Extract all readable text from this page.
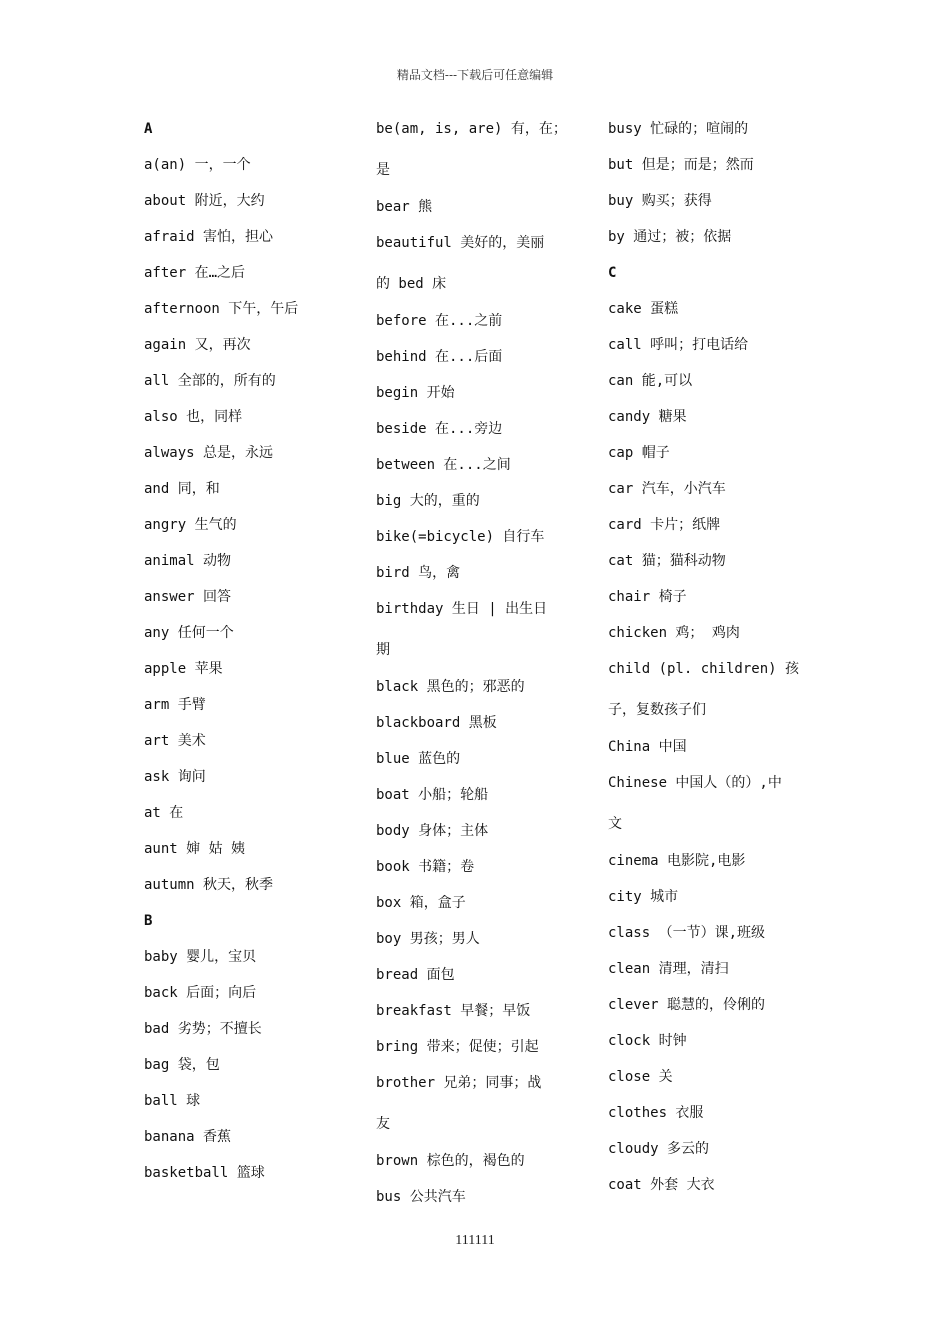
精品文档---下载后可任意编辑
A
a(an) 一，一个
about 附近，大约
afraid 害怕，担心
after 在…之后
afternoon 下午，午后
again 又，再次
all 全部的，所有的
also 也，同样
always 总是，永远
and 同，和
angry 生气的
animal 动物
answer 回答
any 任何一个
apple 苹果
arm 手臂
art 美术
ask 询问
at 在
aunt 婶 姑 姨
autumn 秋天，秋季
B
baby 婴儿，宝贝
back 后面；向后
bad 劣势；不擅长
bag 袋，包
ball 球
banana 香蕉
basketball 篮球
be(am, is, are) 有，在；
是
bear 熊
beautiful 美好的，美丽
的 bed 床
before 在...之前
behind 在...后面
begin 开始
beside 在...旁边
between 在...之间
big 大的，重的
bike(=bicycle) 自行车
bird 鸟，禽
birthday 生日 | 出生日
期
black 黑色的；邪恶的
blackboard 黑板
blue 蓝色的
boat 小船；轮船
body 身体；主体
book 书籍；卷
box 箱，盒子
boy 男孩；男人
bread 面包
breakfast 早餐；早饭
bring 带来；促使；引起
brother 兄弟；同事；战
友
brown 棕色的，褐色的
bus 公共汽车
busy 忙碌的；喧闹的
but 但是；而是；然而
buy 购买；获得
by 通过；被；依据
C
cake 蛋糕
call 呼叫；打电话给
can 能,可以
candy 糖果
cap 帽子
car 汽车，小汽车
card 卡片；纸牌
cat 猫；猫科动物
chair 椅子
chicken 鸡； 鸡肉
child (pl. children) 孩
子，复数孩子们
China 中国
Chinese 中国人（的）,中
文
cinema 电影院,电影
city 城市
class （一节）课,班级
clean 清理，清扫
clever 聪慧的，伶俐的
clock 时钟
close 关
clothes 衣服
cloudy 多云的
coat 外套 大衣
111111
